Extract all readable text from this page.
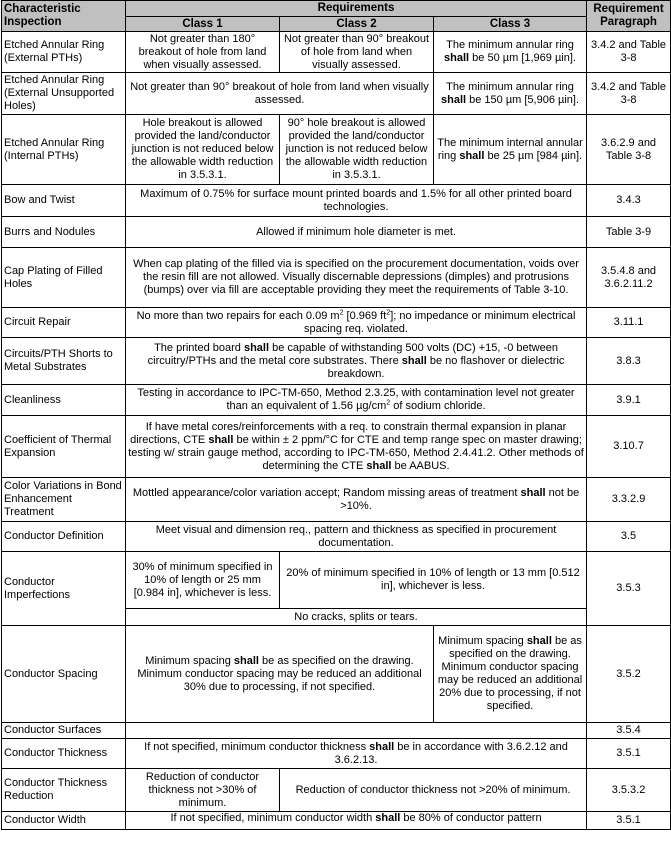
Characteristic Inspection	Requirements			Requirement Paragraph
	Class 1	Class 2	Class 3	
Etched Annular Ring (External PTHs)	Not greater than 180° breakout of hole from land when visually assessed.	Not greater than 90° breakout of hole from land when visually assessed.	The minimum annular ring shall be 50 µm [1,969 µin].	3.4.2 and Table 3-8
Etched Annular Ring (External Unsupported Holes)	Not greater than 90° breakout of hole from land when visually assessed.		The minimum annular ring shall be 150 µm [5,906 µin].	3.4.2 and Table 3-8
Etched Annular Ring (Internal PTHs)	Hole breakout is allowed provided the land/conductor junction is not reduced below the allowable width reduction in 3.5.3.1.	90° hole breakout is allowed provided the land/conductor junction is not reduced below the allowable width reduction in 3.5.3.1.	The minimum internal annular ring shall be 25 µm [984 µin].	3.6.2.9 and Table 3-8
Bow and Twist	Maximum of 0.75% for surface mount printed boards and 1.5% for all other printed board technologies.			3.4.3
Burrs and Nodules	Allowed if minimum hole diameter is met.			Table 3-9
Cap Plating of Filled Holes	When cap plating of the filled via is specified on the procurement documentation, voids over the resin fill are not allowed. Visually discernable depressions (dimples) and protrusions (bumps) over via fill are acceptable providing they meet the requirements of Table 3-10.			3.5.4.8 and 3.6.2.11.2
Circuit Repair	No more than two repairs for each 0.09 $m^2$ [0.969 $ft^2$]; no impedance or minimum electrical spacing req. violated.			3.11.1
Circuits/PTH Shorts to Metal Substrates	The printed board shall be capable of withstanding 500 volts (DC) +15, -0 between circuitry/PTHs and the metal core substrates. There shall be no flashover or dielectric breakdown.			3.8.3
Cleanliness	Testing in accordance to IPC-TM-650, Method 2.3.25, with contamination level not greater than an equivalent of 1.56 $\mu g/cm^2$ of sodium chloride.			3.9.1
Coefficient of Thermal Expansion	If have metal cores/reinforcements with a req. to constrain thermal expansion in planar directions, CTE shall be within ± 2 ppm/°C for CTE and temp range spec on master drawing; testing w/ strain gauge method, according to IPC-TM-650, Method 2.4.41.2. Other methods of determining the CTE shall be AABUS.			3.10.7
Color Variations in Bond Enhancement Treatment	Mottled appearance/color variation accept; Random missing areas of treatment shall not be >10%.			3.3.2.9
Conductor Definition	Meet visual and dimension req., pattern and thickness as specified in procurement documentation.			3.5
Conductor Imperfections	30% of minimum specified in 10% of length or 25 mm [0.984 in], whichever is less.	20% of minimum specified in 10% of length or 13 mm [0.512 in], whichever is less.		3.5.3
	No cracks, splits or tears.			
Conductor Spacing	Minimum spacing shall be as specified on the drawing. Minimum conductor spacing may be reduced an additional 30% due to processing, if not specified.		Minimum spacing shall be as specified on the drawing. Minimum conductor spacing may be reduced an additional 20% due to processing, if not specified.	3.5.2
Conductor Surfaces				3.5.4
Conductor Thickness	If not specified, minimum conductor thickness shall be in accordance with 3.6.2.12 and 3.6.2.13.			3.5.1
Conductor Thickness Reduction	Reduction of conductor thickness not >30% of minimum.	Reduction of conductor thickness not >20% of minimum.		3.5.3.2
Conductor Width	If not specified, minimum conductor width shall be 80% of conductor pattern			3.5.1
